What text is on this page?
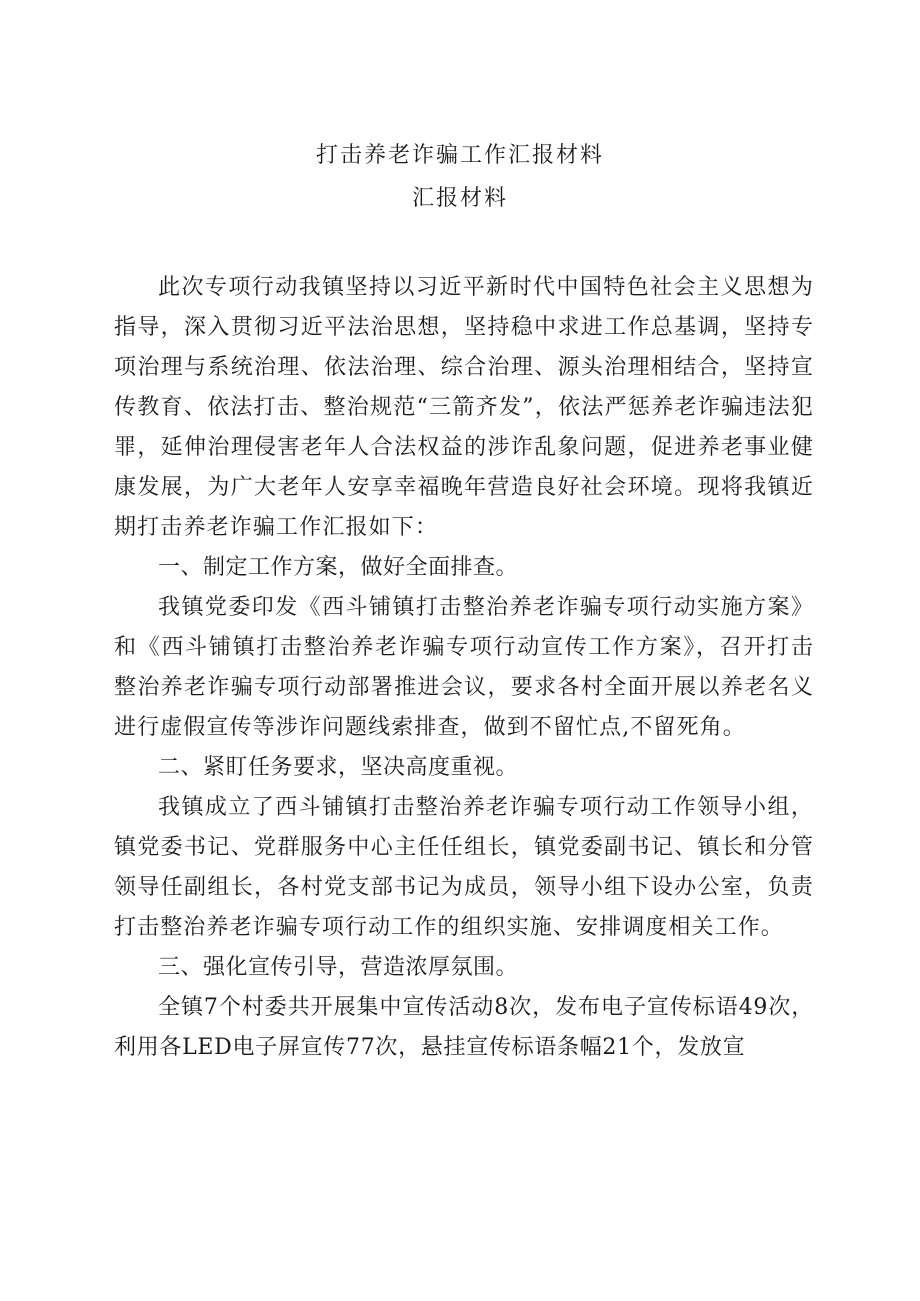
打击养老诈骗工作汇报材料
汇报材料

此次专项行动我镇坚持以习近平新时代中国特色社会主义思想为指导，深入贯彻习近平法治思想，坚持稳中求进工作总基调，坚持专项治理与系统治理、依法治理、综合治理、源头治理相结合，坚持宣传教育、依法打击、整治规范“三箭齐发”，依法严惩养老诈骗违法犯罪，延伸治理侵害老年人合法权益的涉诈乱象问题，促进养老事业健康发展，为广大老年人安享幸福晚年营造良好社会环境。现将我镇近期打击养老诈骗工作汇报如下：

一、制定工作方案，做好全面排查。

我镇党委印发《西斗铺镇打击整治养老诈骗专项行动实施方案》和《西斗铺镇打击整治养老诈骗专项行动宣传工作方案》，召开打击整治养老诈骗专项行动部署推进会议，要求各村全面开展以养老名义进行虚假宣传等涉诈问题线索排查，做到不留忙点,不留死角。

二、紧盯任务要求，坚决高度重视。

我镇成立了西斗铺镇打击整治养老诈骗专项行动工作领导小组，镇党委书记、党群服务中心主任任组长，镇党委副书记、镇长和分管领导任副组长，各村党支部书记为成员，领导小组下设办公室，负责打击整治养老诈骗专项行动工作的组织实施、安排调度相关工作。

三、强化宣传引导，营造浓厚氛围。

全镇7个村委共开展集中宣传活动8次，发布电子宣传标语49次，利用各LED电子屏宣传77次，悬挂宣传标语条幅21个，发放宣
